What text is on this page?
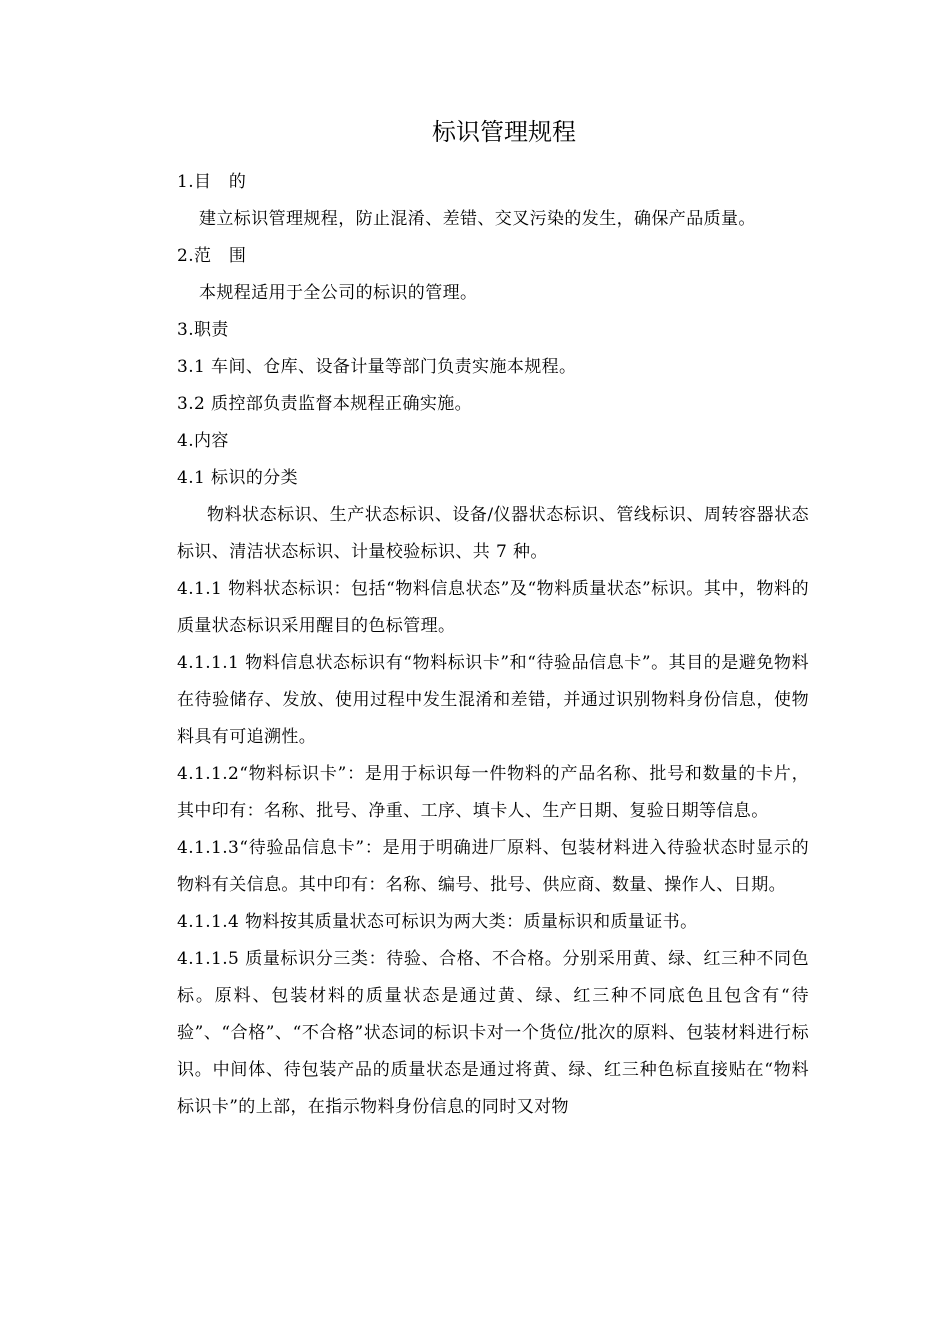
标识管理规程

1.目　的

建立标识管理规程，防止混淆、差错、交叉污染的发生，确保产品质量。

2.范　围

本规程适用于全公司的标识的管理。

3.职责

3.1 车间、仓库、设备计量等部门负责实施本规程。

3.2 质控部负责监督本规程正确实施。

4.内容

4.1 标识的分类

物料状态标识、生产状态标识、设备/仪器状态标识、管线标识、周转容器状态标识、清洁状态标识、计量校验标识、共 7 种。

4.1.1 物料状态标识：包括“物料信息状态”及“物料质量状态”标识。其中，物料的质量状态标识采用醒目的色标管理。

4.1.1.1 物料信息状态标识有“物料标识卡”和“待验品信息卡”。其目的是避免物料在待验储存、发放、使用过程中发生混淆和差错，并通过识别物料身份信息，使物料具有可追溯性。

4.1.1.2“物料标识卡”：是用于标识每一件物料的产品名称、批号和数量的卡片，其中印有：名称、批号、净重、工序、填卡人、生产日期、复验日期等信息。

4.1.1.3“待验品信息卡”：是用于明确进厂原料、包装材料进入待验状态时显示的物料有关信息。其中印有：名称、编号、批号、供应商、数量、操作人、日期。

4.1.1.4 物料按其质量状态可标识为两大类：质量标识和质量证书。

4.1.1.5 质量标识分三类：待验、合格、不合格。分别采用黄、绿、红三种不同色标。原料、包装材料的质量状态是通过黄、绿、红三种不同底色且包含有“待验”、“合格”、“不合格”状态词的标识卡对一个货位/批次的原料、包装材料进行标识。中间体、待包装产品的质量状态是通过将黄、绿、红三种色标直接贴在“物料标识卡”的上部，在指示物料身份信息的同时又对物
